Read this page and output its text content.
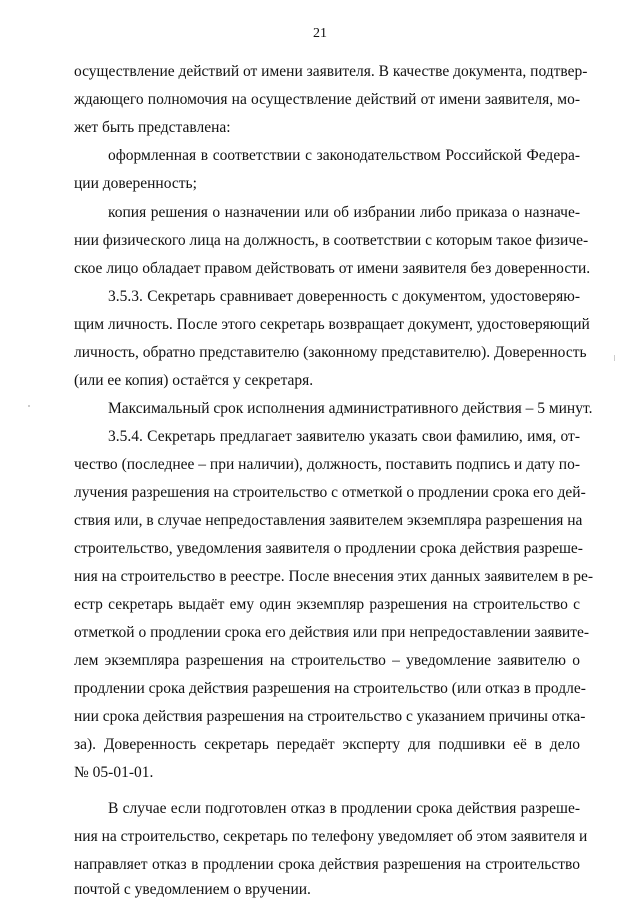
21
осуществление действий от имени заявителя. В качестве документа, подтвер-
ждающего полномочия на осуществление действий от имени заявителя, мо-
жет быть представлена:
оформленная в соответствии с законодательством Российской Федера-
ции доверенность;
копия решения о назначении или об избрании либо приказа о назначе-
нии физического лица на должность, в соответствии с которым такое физиче-
ское лицо обладает правом действовать от имени заявителя без доверенности.
3.5.3. Секретарь сравнивает доверенность с документом, удостоверяю-
щим личность. После этого секретарь возвращает документ, удостоверяющий
личность, обратно представителю (законному представителю). Доверенность
(или ее копия) остаётся у секретаря.
Максимальный срок исполнения административного действия – 5 минут.
3.5.4. Секретарь предлагает заявителю указать свои фамилию, имя, от-
чество (последнее – при наличии), должность, поставить подпись и дату по-
лучения разрешения на строительство с отметкой о продлении срока его дей-
ствия или, в случае непредоставления заявителем экземпляра разрешения на
строительство, уведомления заявителя о продлении срока действия разреше-
ния на строительство в реестре. После внесения этих данных заявителем в ре-
естр секретарь выдаёт ему один экземпляр разрешения на строительство с
отметкой о продлении срока его действия или при непредоставлении заявите-
лем экземпляра разрешения на строительство – уведомление заявителю о
продлении срока действия разрешения на строительство (или отказ в продле-
нии срока действия разрешения на строительство с указанием причины отка-
за). Доверенность секретарь передаёт эксперту для подшивки её в дело
№ 05-01-01.
В случае если подготовлен отказ в продлении срока действия разреше-
ния на строительство, секретарь по телефону уведомляет об этом заявителя и
направляет отказ в продлении срока действия разрешения на строительство
почтой с уведомлением о вручении.
